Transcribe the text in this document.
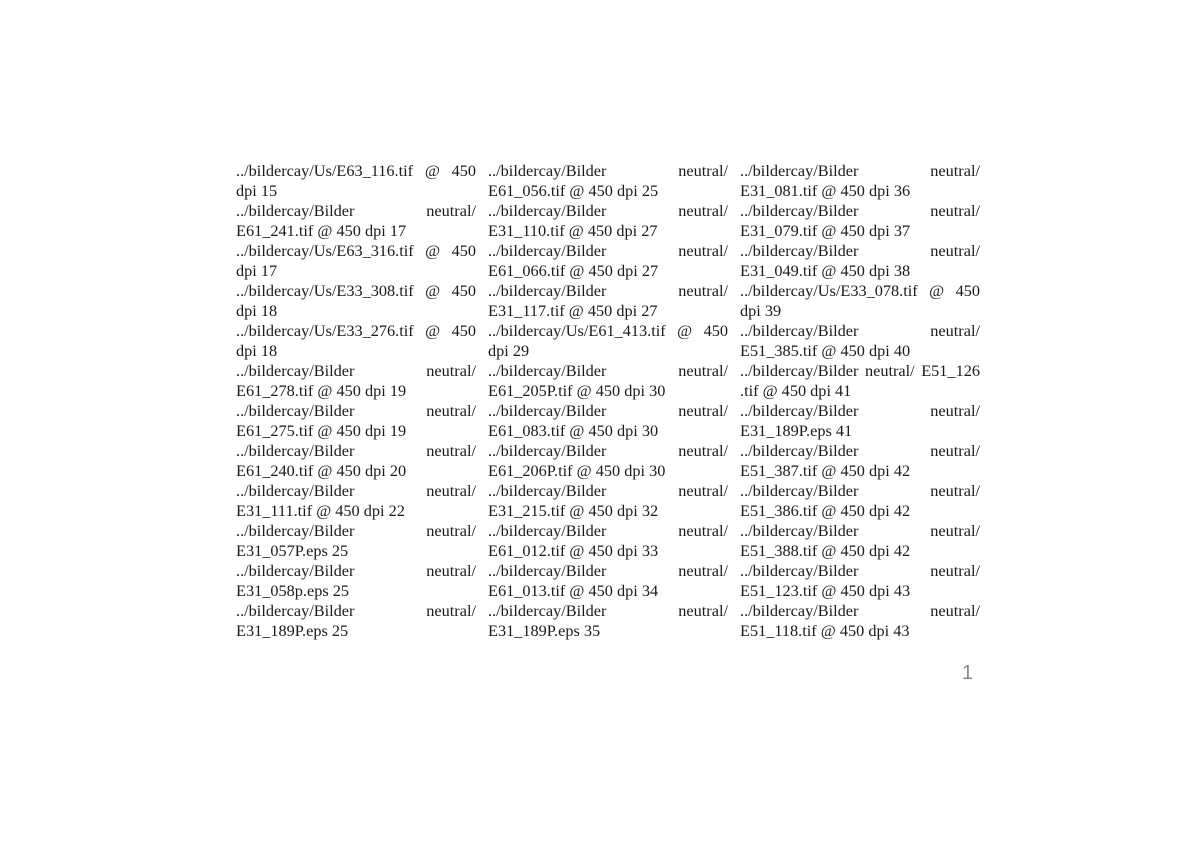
../bildercay/Us/E63_116.tif @ 450 dpi 15

../bildercay/Bilder neutral/ E61_241.tif @ 450 dpi 17

../bildercay/Us/E63_316.tif @ 450 dpi 17

../bildercay/Us/E33_308.tif @ 450 dpi 18

../bildercay/Us/E33_276.tif @ 450 dpi 18

../bildercay/Bilder neutral/ E61_278.tif @ 450 dpi 19

../bildercay/Bilder neutral/ E61_275.tif @ 450 dpi 19

../bildercay/Bilder neutral/ E61_240.tif @ 450 dpi 20

../bildercay/Bilder neutral/ E31_111.tif @ 450 dpi 22

../bildercay/Bilder neutral/ E31_057P.eps 25

../bildercay/Bilder neutral/ E31_058p.eps 25

../bildercay/Bilder neutral/ E31_189P.eps 25

../bildercay/Bilder neutral/ E61_056.tif @ 450 dpi 25

../bildercay/Bilder neutral/ E31_110.tif @ 450 dpi 27

../bildercay/Bilder neutral/ E61_066.tif @ 450 dpi 27

../bildercay/Bilder neutral/ E31_117.tif @ 450 dpi 27

../bildercay/Us/E61_413.tif @ 450 dpi 29

../bildercay/Bilder neutral/ E61_205P.tif @ 450 dpi 30

../bildercay/Bilder neutral/ E61_083.tif @ 450 dpi 30

../bildercay/Bilder neutral/ E61_206P.tif @ 450 dpi 30

../bildercay/Bilder neutral/ E31_215.tif @ 450 dpi 32

../bildercay/Bilder neutral/ E61_012.tif @ 450 dpi 33

../bildercay/Bilder neutral/ E61_013.tif @ 450 dpi 34

../bildercay/Bilder neutral/ E31_189P.eps 35

../bildercay/Bilder neutral/ E31_081.tif @ 450 dpi 36

../bildercay/Bilder neutral/ E31_079.tif @ 450 dpi 37

../bildercay/Bilder neutral/ E31_049.tif @ 450 dpi 38

../bildercay/Us/E33_078.tif @ 450 dpi 39

../bildercay/Bilder neutral/ E51_385.tif @ 450 dpi 40

../bildercay/Bilder neutral/ E51_126 .tif @ 450 dpi 41

../bildercay/Bilder neutral/ E31_189P.eps 41

../bildercay/Bilder neutral/ E51_387.tif @ 450 dpi 42

../bildercay/Bilder neutral/ E51_386.tif @ 450 dpi 42

../bildercay/Bilder neutral/ E51_388.tif @ 450 dpi 42

../bildercay/Bilder neutral/ E51_123.tif @ 450 dpi 43

../bildercay/Bilder neutral/ E51_118.tif @ 450 dpi 43

1
